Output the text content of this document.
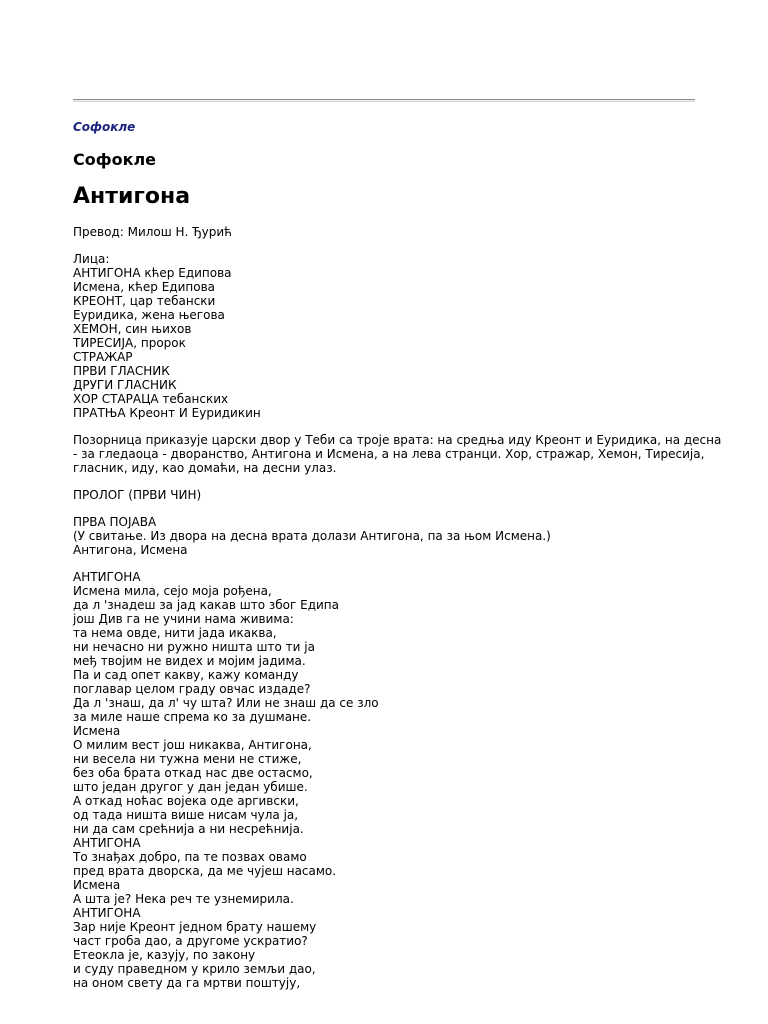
Софокле
Софокле
Антигона
Превод: Милош Н. Ђурић
Лица:
АНТИГОНА кћер Едипова
Исмена, кћер Едипова
КРЕОНТ, цар тебански
Еуридика, жена његова
ХЕМОН, син њихов
ТИРЕСИЈА, пророк
СТРАЖАР
ПРВИ ГЛАСНИК
ДРУГИ ГЛАСНИК
ХОР СТАРАЦА тебанских
ПРАТЊА Креонт И Еуридикин
Позорница приказује царски двор у Теби са троје врата: на средња иду Креонт и Еуридика, на десна
- за гледаоца - дворанство, Антигона и Исмена, а на лева странци. Хор, стражар, Хемон, Тиресија,
гласник, иду, као домаћи, на десни улаз.
ПРОЛОГ (ПРВИ ЧИН)
ПРВА ПОЈАВА
(У свитање. Из двора на десна врата долази Антигона, па за њом Исмена.)
Антигона, Исмена
АНТИГОНА
Исмена мила, сејо моја рођена,
да л 'знадеш за јад какав што због Едипа
још Див га не учини нама живима:
та нема овде, нити јада икаква,
ни нечасно ни ружно ништа што ти ја
међ твојим не видех и мојим јадима.
Па и сад опет какву, кажу команду
поглавар целом граду овчас издаде?
Да л 'знаш, да л' чу шта? Или не знаш да се зло
за миле наше спрема ко за душмане.
Исмена
О милим вест још никаква, Антигона,
ни весела ни тужна мени не стиже,
без оба брата откад нас две остасмо,
што један другог у дан један убише.
А откад ноћас војека оде аргивски,
од тада ништа више нисам чула ја,
ни да сам срећнија а ни несрећнија.
АНТИГОНА
То знађах добро, па те позвах овамо
пред врата дворска, да ме чујеш насамо.
Исмена
А шта је? Нека реч те узнемирила.
АНТИГОНА
Зар није Креонт једном брату нашему
част гроба дао, а другоме ускратио?
Етеокла је, казују, по закону
и суду праведном у крило земљи дао,
на оном свету да га мртви поштују,
